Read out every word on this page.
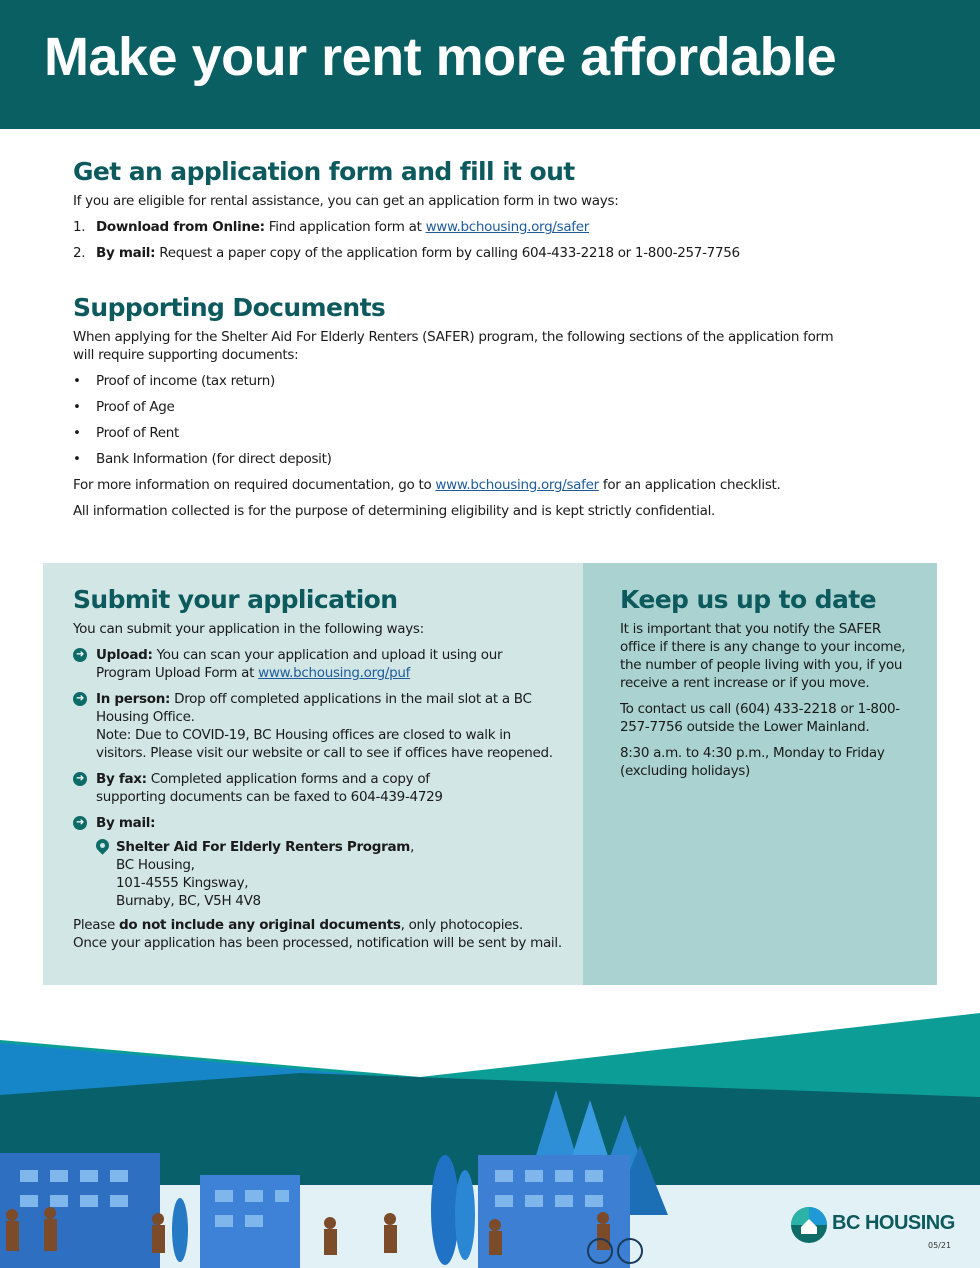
Make your rent more affordable
Get an application form and fill it out
If you are eligible for rental assistance, you can get an application form in two ways:
1. Download from Online: Find application form at www.bchousing.org/safer
2. By mail: Request a paper copy of the application form by calling 604-433-2218 or 1-800-257-7756
Supporting Documents
When applying for the Shelter Aid For Elderly Renters (SAFER) program, the following sections of the application form will require supporting documents:
• Proof of income (tax return)
• Proof of Age
• Proof of Rent
• Bank Information (for direct deposit)
For more information on required documentation, go to www.bchousing.org/safer for an application checklist.
All information collected is for the purpose of determining eligibility and is kept strictly confidential.
Submit your application
You can submit your application in the following ways:
➜ Upload: You can scan your application and upload it using our Program Upload Form at www.bchousing.org/puf
➜ In person: Drop off completed applications in the mail slot at a BC Housing Office.
Note: Due to COVID-19, BC Housing offices are closed to walk in visitors. Please visit our website or call to see if offices have reopened.
➜ By fax: Completed application forms and a copy of supporting documents can be faxed to 604-439-4729
➜ By mail:
Shelter Aid For Elderly Renters Program,
BC Housing,
101-4555 Kingsway,
Burnaby, BC, V5H 4V8
Please do not include any original documents, only photocopies.
Once your application has been processed, notification will be sent by mail.
Keep us up to date
It is important that you notify the SAFER office if there is any change to your income, the number of people living with you, if you receive a rent increase or if you move.
To contact us call (604) 433-2218 or 1-800-257-7756 outside the Lower Mainland.
8:30 a.m. to 4:30 p.m., Monday to Friday (excluding holidays)
BC HOUSING
05/21
